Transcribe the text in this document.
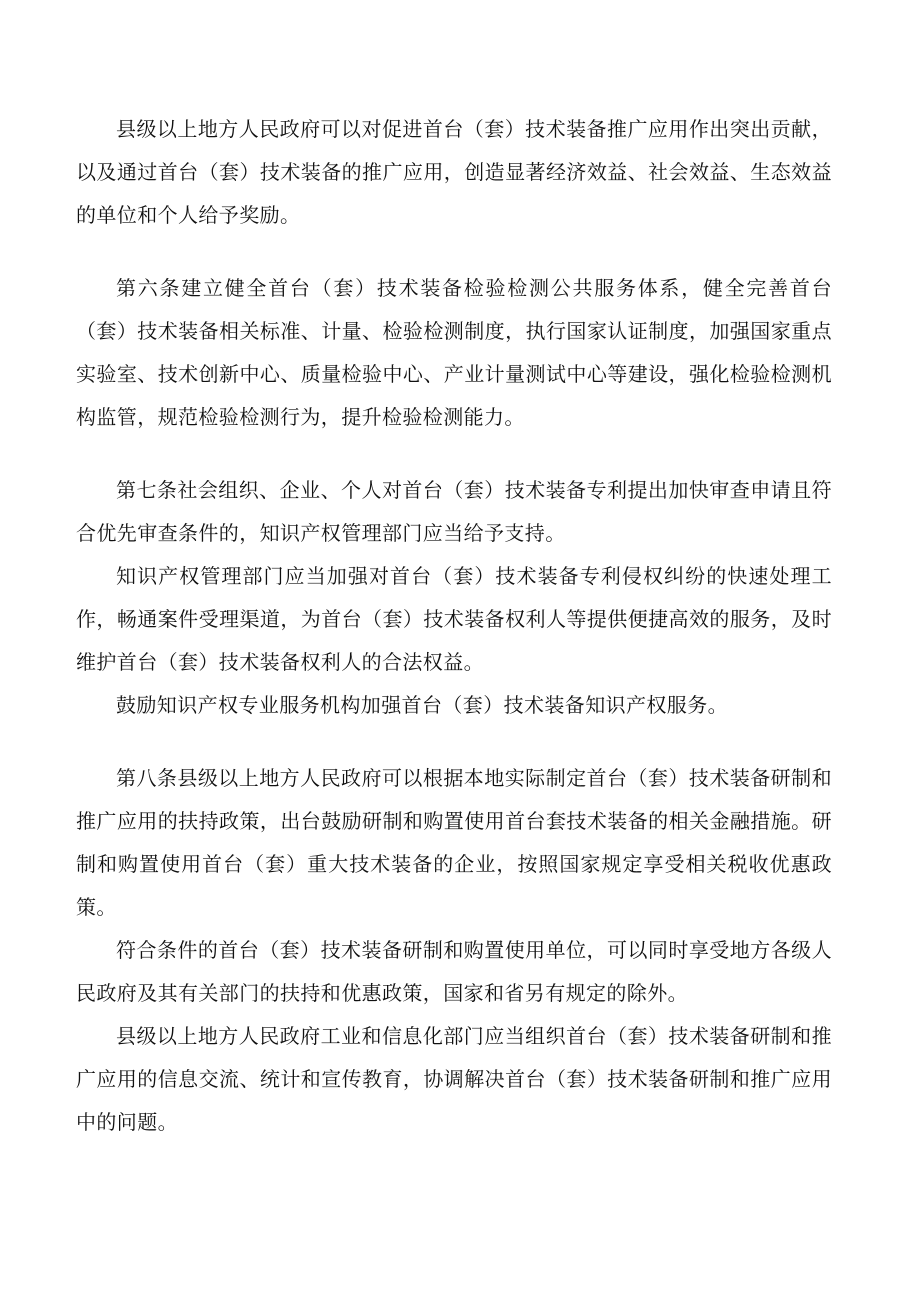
县级以上地方人民政府可以对促进首台（套）技术装备推广应用作出突出贡献，以及通过首台（套）技术装备的推广应用，创造显著经济效益、社会效益、生态效益的单位和个人给予奖励。

第六条建立健全首台（套）技术装备检验检测公共服务体系，健全完善首台（套）技术装备相关标准、计量、检验检测制度，执行国家认证制度，加强国家重点实验室、技术创新中心、质量检验中心、产业计量测试中心等建设，强化检验检测机构监管，规范检验检测行为，提升检验检测能力。

第七条社会组织、企业、个人对首台（套）技术装备专利提出加快审查申请且符合优先审查条件的，知识产权管理部门应当给予支持。

知识产权管理部门应当加强对首台（套）技术装备专利侵权纠纷的快速处理工作，畅通案件受理渠道，为首台（套）技术装备权利人等提供便捷高效的服务，及时维护首台（套）技术装备权利人的合法权益。

鼓励知识产权专业服务机构加强首台（套）技术装备知识产权服务。

第八条县级以上地方人民政府可以根据本地实际制定首台（套）技术装备研制和推广应用的扶持政策，出台鼓励研制和购置使用首台套技术装备的相关金融措施。研制和购置使用首台（套）重大技术装备的企业，按照国家规定享受相关税收优惠政策。

符合条件的首台（套）技术装备研制和购置使用单位，可以同时享受地方各级人民政府及其有关部门的扶持和优惠政策，国家和省另有规定的除外。

县级以上地方人民政府工业和信息化部门应当组织首台（套）技术装备研制和推广应用的信息交流、统计和宣传教育，协调解决首台（套）技术装备研制和推广应用中的问题。
